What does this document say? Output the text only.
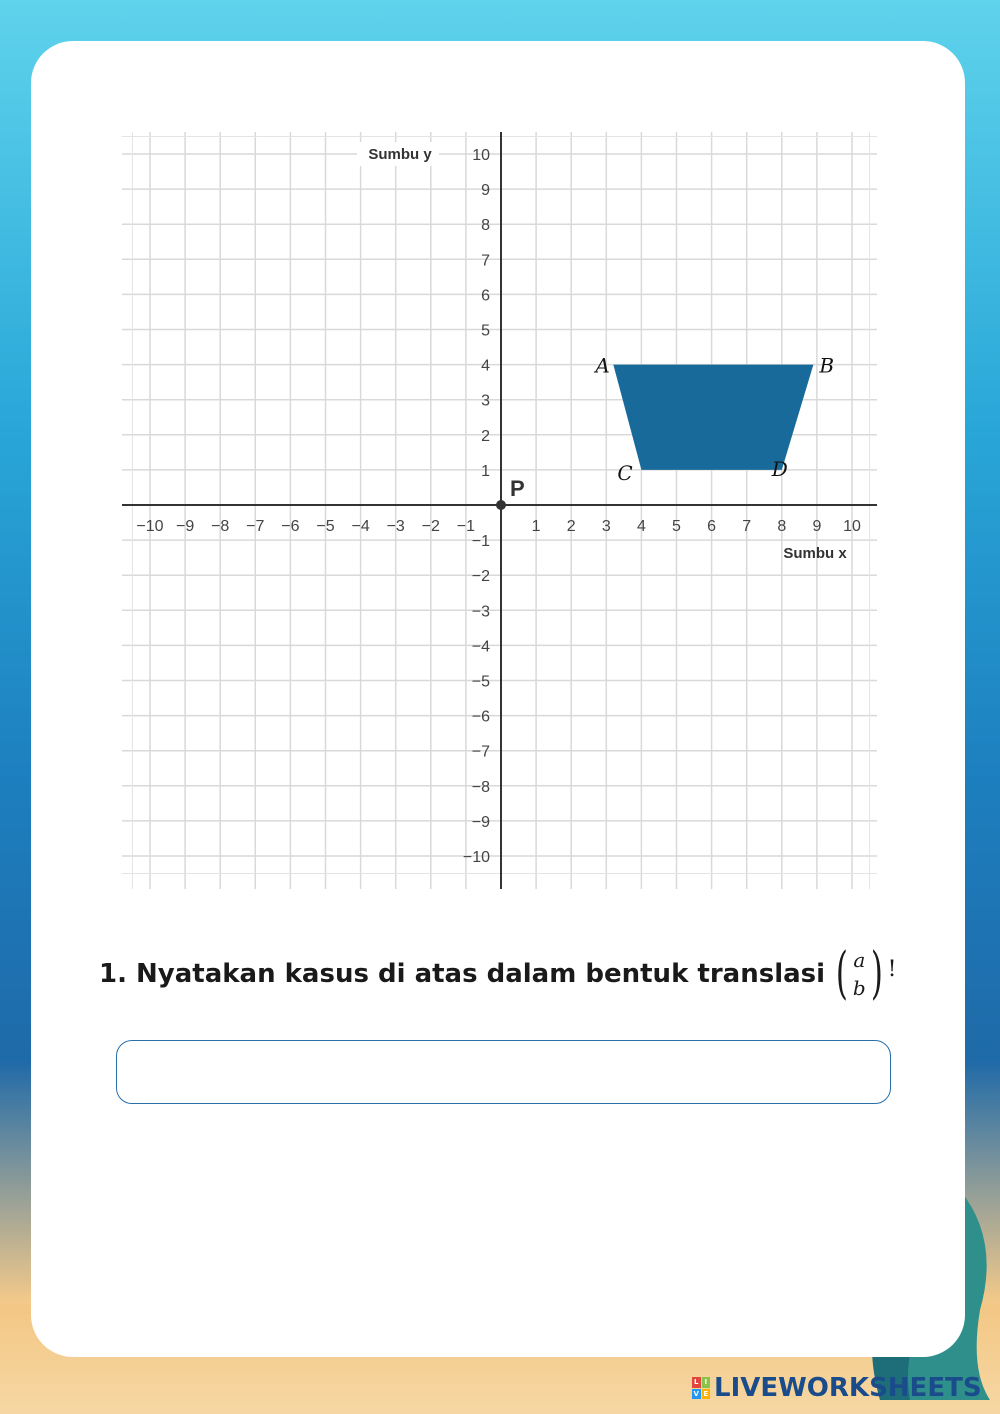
−10 −9 −8 −7 −6 −5 −4 −3 −2 −1	1 2 3 4 5 6 7 8 9 10
10
9
8
7
6
5
4
3
2
1
−1
−2
−3
−4
−5
−6
−7
−8
−9
−10
Sumbu y
Sumbu x
A	B
D
C
P
1. Nyatakan kasus di atas dalam bentuk translasi ( a
b ) !
L I
V E LIVEWORKSHEETS
